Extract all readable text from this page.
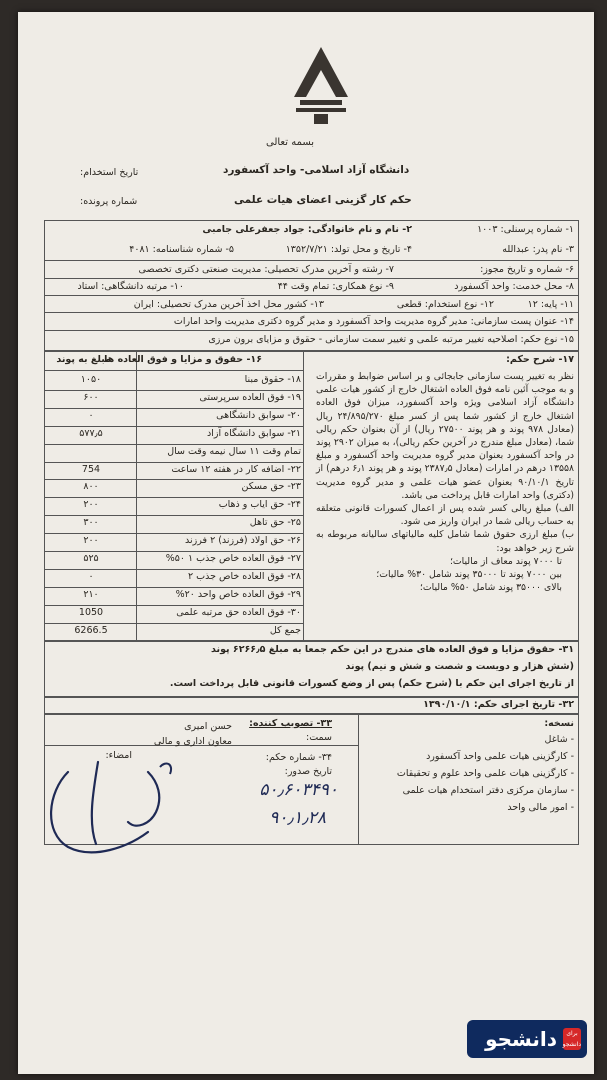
بسمه تعالی
دانشگاه آزاد اسلامی- واحد آکسفورد
حکم کار گزینی اعضای هیات علمی
تاریخ استخدام:
شماره پرونده:
۱- شماره پرسنلی: ۱۰۰۳
۲- نام و نام خانوادگی: جواد جعفرعلی جامبی
۳- نام پدر: عبدالله
۴- تاریخ و محل تولد: ۱۳۵۲/۷/۲۱
۵- شماره شناسنامه: ۴۰۸۱
۶- شماره و تاریخ مجوز:
۷- رشته و آخرین مدرک تحصیلی: مدیریت صنعتی دکتری تخصصی
۸- محل خدمت: واحد آکسفورد
۹- نوع همکاری: تمام وقت ۴۴
۱۰- مرتبه دانشگاهی: استاد
۱۱- پایه: ۱۲
۱۲- نوع استخدام: قطعی
۱۳- کشور محل اخذ آخرین مدرک تحصیلی: ایران
۱۴- عنوان پست سازمانی: مدیر گروه مدیریت واحد آکسفورد و مدیر گروه دکتری مدیریت واحد امارات
۱۵- نوع حکم: اصلاحیه تغییر مرتبه علمی و تغییر سمت سازمانی - حقوق و مزایای برون مرزی
۱۶- حقوق و مزایا و فوق العاده ها
مبلغ به پوند	۱۷- شرح حکم:

نظر به تغییر پست سازمانی جابجائی و بر اساس ضوابط و مقررات و به موجب آئین نامه فوق العاده اشتغال خارج از کشور هیات علمی دانشگاه آزاد اسلامی ویژه واحد آکسفورد، میزان فوق العاده اشتغال خارج از کشور شما پس از کسر مبلغ ۲۴/۸۹۵/۲۷۰ ریال (معادل ۹۷۸ پوند و هر پوند ۲۷۵۰۰ ریال) از آن بعنوان حکم ریالی شما، (معادل مبلغ مندرج در آخرین حکم ریالی)، به میزان ۲۹۰۲ پوند در واحد آکسفورد بعنوان مدیر گروه مدیریت واحد آکسفورد و مبلغ ۱۳۵۵۸ درهم در امارات (معادل ۲۳۸۷٫۵ پوند و هر پوند ۶٫۱ درهم) از تاریخ ۹۰/۱۰/۱ بعنوان عضو هیات علمی و مدیر گروه مدیریت (دکتری) واحد امارات قابل پرداخت می باشد.

الف) مبلغ ریالی کسر شده پس از اعمال کسورات قانونی متعلقه به حساب ریالی شما در ایران واریز می شود.

ب) مبلغ ارزی حقوق شما شامل کلیه مالیاتهای سالیانه مربوطه به شرح زیر خواهد بود:

تا ۷۰۰۰ پوند معاف از مالیات؛

بین ۷۰۰۰ پوند تا ۳۵۰۰۰ پوند شامل ۳۰% مالیات؛

بالای ۳۵۰۰۰ پوند شامل ۵۰% مالیات؛

۳۱- حقوق مزایا و فوق العاده های مندرج در این حکم جمعا به مبلغ ۶۲۶۶٫۵ پوند
(شش هزار و دویست و شصت و شش و نیم) پوند
از تاریخ اجرای این حکم با (شرح حکم) پس از وضع کسورات قانونی قابل پرداخت است.
۳۲- تاریخ اجرای حکم: ۱۳۹۰/۱۰/۱
۳۳- تصویب کننده:
حسن امیری
سمت:
معاون اداری و مالی
امضاء:	۳۴- شماره حکم:
تاریخ صدور:
۵۰٫۶۰۳۴۹۰
۹۰٫۱٫۲۸
نسخه:
۱۸- حقوق مبنا
۱۰۵۰
۱۹- فوق العاده سرپرستی
۶۰۰
۲۰- سوابق دانشگاهی
۰
۲۱- سوابق دانشگاه آزاد
۵۷۷٫۵
تمام وقت ۱۱ سال نیمه وقت سال
۲۲- اضافه کار در هفته ۱۲ ساعت
754
۲۳- حق مسکن
۸۰۰
۲۴- حق ایاب و ذهاب
۲۰۰
۲۵- حق تاهل
۳۰۰
۲۶- حق اولاد (فرزند) ۲ فرزند
۲۰۰
۲۷- فوق العاده خاص جذب ۱ ۵۰%
۵۲۵
۲۸- فوق العاده خاص جذب ۲
۰
۲۹- فوق العاده خاص واحد ۲۰%
۲۱۰
۳۰- فوق العاده حق مرتبه علمی
1050
جمع کل
6266.5
- شاغل
- کارگزینی هیات علمی واحد آکسفورد
- کارگزینی هیات علمی واحد علوم و تحقیقات
- سازمان مرکزی دفتر استخدام هیات علمی
- امور مالی واحد
برای دانشجو
دانشجو
